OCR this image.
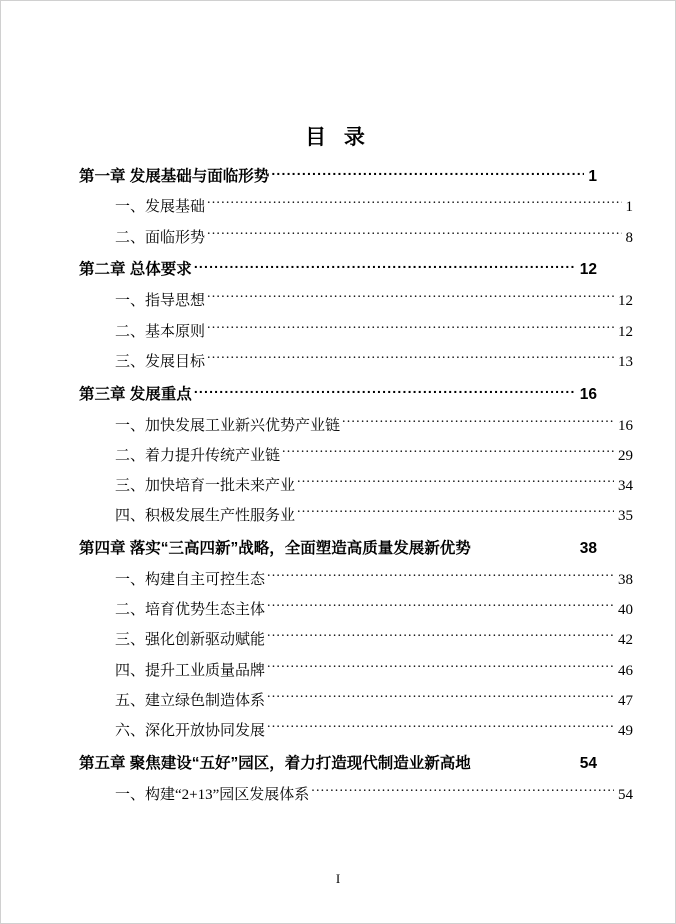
目 录
第一章 发展基础与面临形势 .....	1
一、发展基础 .....	1
二、面临形势 .....	8
第二章 总体要求 .....	12
一、指导思想 .....	12
二、基本原则 .....	12
三、发展目标 .....	13
第三章 发展重点 .....	16
一、加快发展工业新兴优势产业链 .....	16
二、着力提升传统产业链 .....	29
三、加快培育一批未来产业 .....	34
四、积极发展生产性服务业 .....	35
第四章 落实“三高四新”战略，全面塑造高质量发展新优势	38
一、构建自主可控生态 .....	38
二、培育优势生态主体 .....	40
三、强化创新驱动赋能 .....	42
四、提升工业质量品牌 .....	46
五、建立绿色制造体系 .....	47
六、深化开放协同发展 .....	49
第五章 聚焦建设“五好”园区，着力打造现代制造业新高地	54
一、构建“2+13”园区发展体系 .....	54
I
